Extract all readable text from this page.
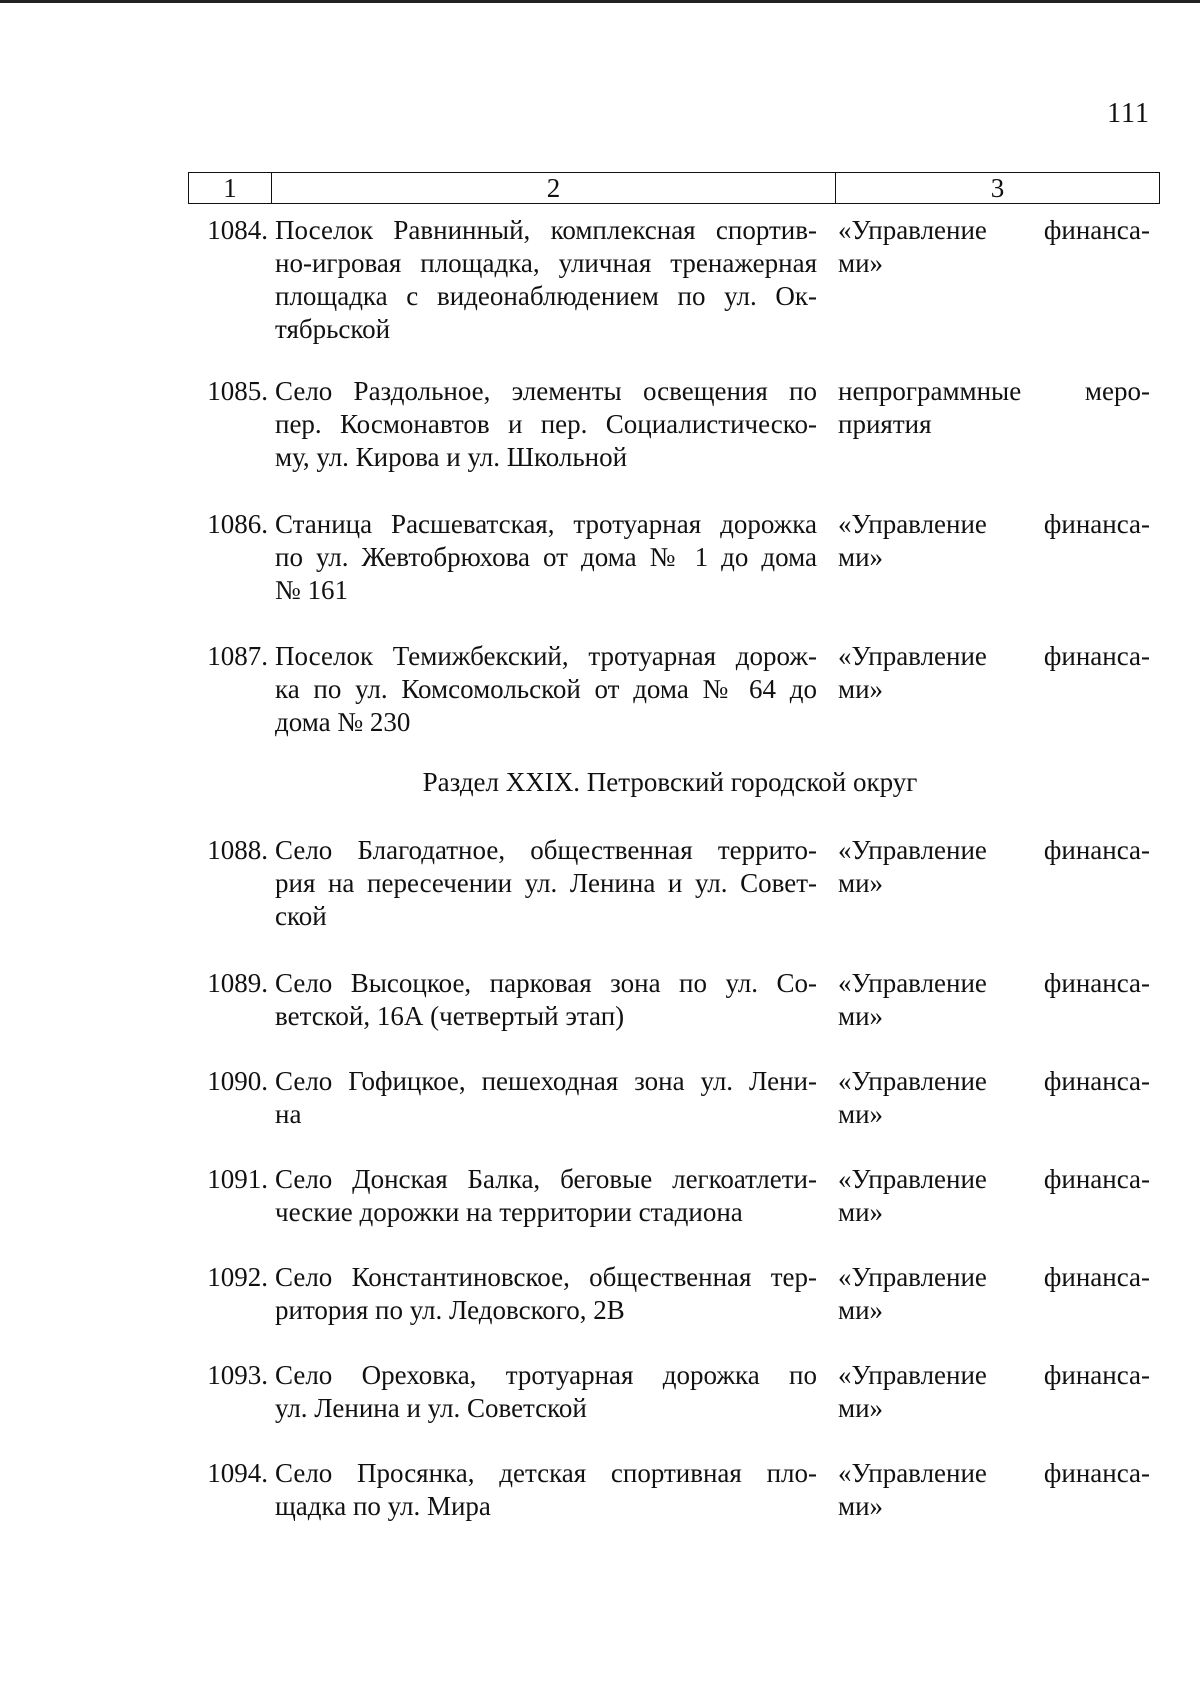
111
1	2	3
1084. Поселок Равнинный, комплексная спортив-
но-игровая площадка, уличная тренажерная
площадка с видеонаблюдением по ул. Ок-
тябрьской
«Управление финанса-
ми»
1085. Село Раздольное, элементы освещения по
пер. Космонавтов и пер. Социалистическо-
му, ул. Кирова и ул. Школьной
непрограммные меро-
приятия
1086. Станица Расшеватская, тротуарная дорожка
по ул. Жевтобрюхова от дома № 1 до дома
№ 161
«Управление финанса-
ми»
1087. Поселок Темижбекский, тротуарная дорож-
ка по ул. Комсомольской от дома № 64 до
дома № 230
«Управление финанса-
ми»
Раздел XXIX. Петровский городской округ
1088. Село Благодатное, общественная террито-
рия на пересечении ул. Ленина и ул. Совет-
ской
«Управление финанса-
ми»
1089. Село Высоцкое, парковая зона по ул. Со-
ветской, 16А (четвертый этап)
«Управление финанса-
ми»
1090. Село Гофицкое, пешеходная зона ул. Лени-
на
«Управление финанса-
ми»
1091. Село Донская Балка, беговые легкоатлети-
ческие дорожки на территории стадиона
«Управление финанса-
ми»
1092. Село Константиновское, общественная тер-
ритория по ул. Ледовского, 2В
«Управление финанса-
ми»
1093. Село Ореховка, тротуарная дорожка по
ул. Ленина и ул. Советской
«Управление финанса-
ми»
1094. Село Просянка, детская спортивная пло-
щадка по ул. Мира
«Управление финанса-
ми»
